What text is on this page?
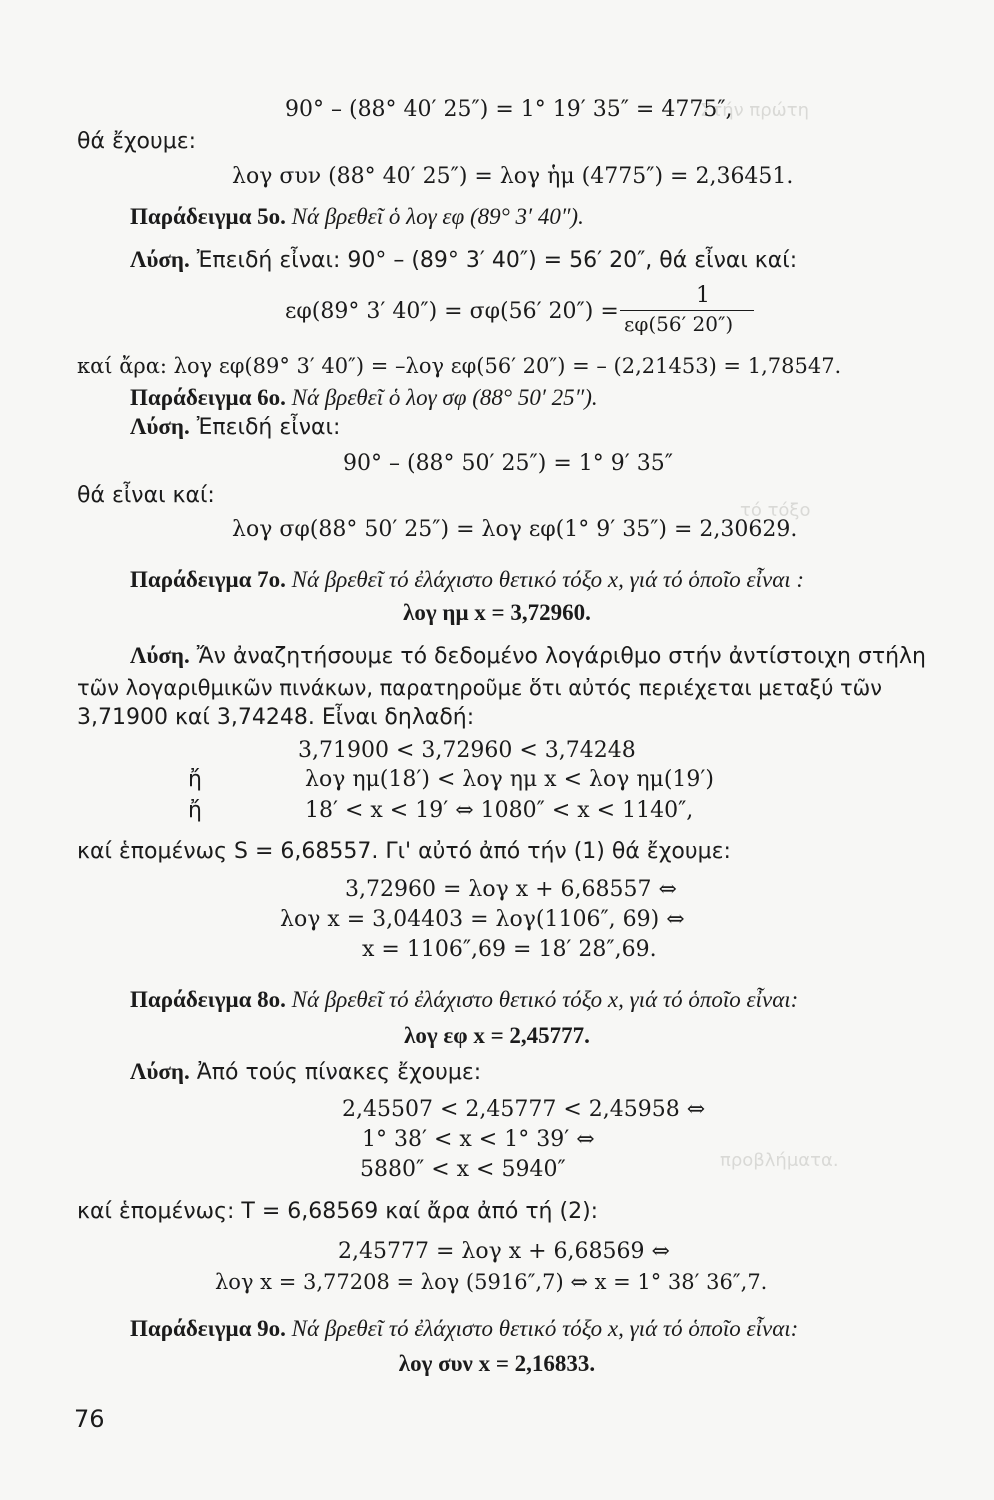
Στήν πρώτη
τό τόξο
προβλήματα.
90° – (88° 40′ 25″) = 1° 19′ 35″ = 4775″,
θά ἔχουμε:
λογ συν (88° 40′ 25″) = λογ ἡμ (4775″) = 2,36451.
Παράδειγμα 5ο. Νά βρεθεῖ ὁ λογ εφ (89° 3′ 40″).
Λύση. Ἐπειδή εἶναι: 90° – (89° 3′ 40″) = 56′ 20″, θά εἶναι καί:
εφ(89° 3′ 40″) = σφ(56′ 20″) =
1
εφ(56′ 20″)
καί ἄρα: λογ εφ(89° 3′ 40″) = –λογ εφ(56′ 20″) = – (2,21453) = 1,78547.
Παράδειγμα 6ο. Νά βρεθεῖ ὁ λογ σφ (88° 50′ 25″).
Λύση. Ἐπειδή εἶναι:
90° – (88° 50′ 25″) = 1° 9′ 35″
θά εἶναι καί:
λογ σφ(88° 50′ 25″) = λογ εφ(1° 9′ 35″) = 2,30629.
Παράδειγμα 7ο. Νά βρεθεῖ τό ἐλάχιστο θετικό τόξο x, γιά τό ὁποῖο εἶναι :
λογ ημ x = 3,72960.
Λύση. Ἄν ἀναζητήσουμε τό δεδομένο λογάριθμο στήν ἀντίστοιχη στήλη
τῶν λογαριθμικῶν πινάκων, παρατηροῦμε ὅτι αὐτός περιέχεται μεταξύ τῶν
3,71900 καί 3,74248. Εἶναι δηλαδή:
3,71900 < 3,72960 < 3,74248
ἤ	λογ ημ(18′) < λογ ημ x < λογ ημ(19′)
ἤ	18′ < x < 19′ ⇔ 1080″ < x < 1140″,
καί ἑπομένως S = 6,68557. Γι' αὐτό ἀπό τήν (1) θά ἔχουμε:
3,72960 = λογ x + 6,68557 ⇔
λογ x = 3,04403 = λογ(1106″, 69) ⇔
x = 1106″,69 = 18′ 28″,69.
Παράδειγμα 8ο. Νά βρεθεῖ τό ἐλάχιστο θετικό τόξο x, γιά τό ὁποῖο εἶναι:
λογ εφ x = 2,45777.
Λύση. Ἀπό τούς πίνακες ἔχουμε:
2,45507 < 2,45777 < 2,45958 ⇔
1° 38′ < x < 1° 39′ ⇔
5880″ < x < 5940″
καί ἑπομένως: T = 6,68569 καί ἄρα ἀπό τή (2):
2,45777 = λογ x + 6,68569 ⇔
λογ x = 3,77208 = λογ (5916″,7) ⇔ x = 1° 38′ 36″,7.
Παράδειγμα 9ο. Νά βρεθεῖ τό ἐλάχιστο θετικό τόξο x, γιά τό ὁποῖο εἶναι:
λογ συν x = 2,16833.
76
